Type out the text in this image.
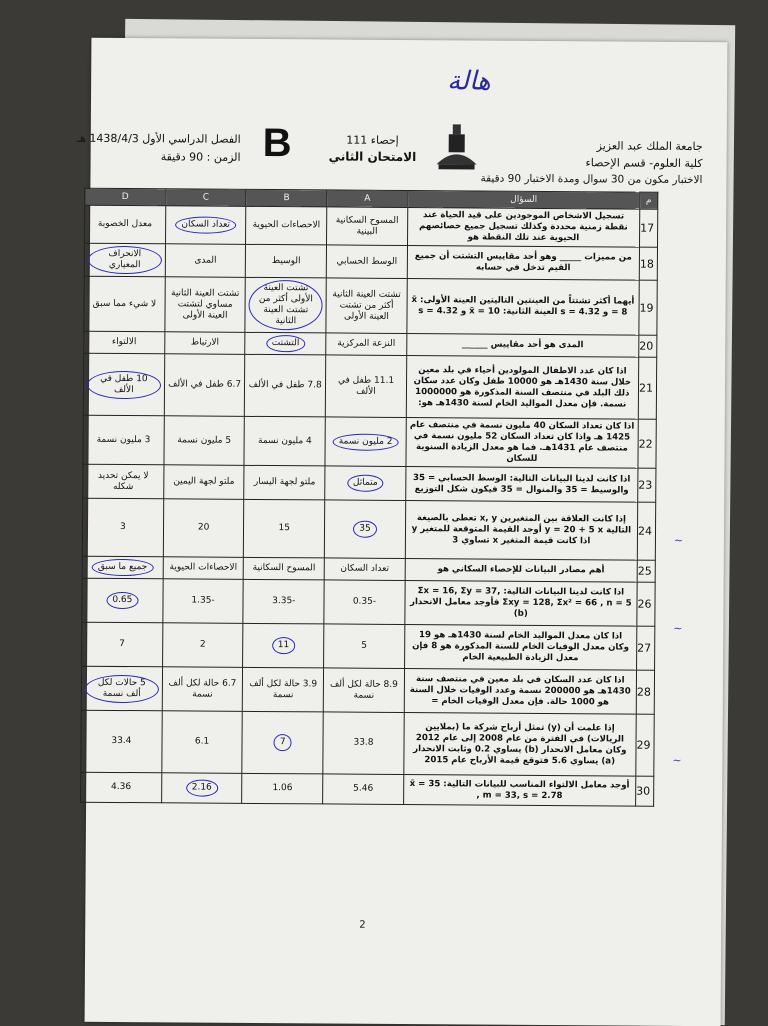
هالة
جامعة الملك عبد العزيز
كلية العلوم- قسم الإحصاء
إحصاء 111
الامتحان الثاني
B
الفصل الدراسي الأول 1438/4/3 هـ
الزمن : 90 دقيقة
الاختبار مكون من 30 سوال ومدة الاختبار 90 دقيقة
م	السؤال	A	B	C	D
17	تسجيل الاشخاص الموجودين على قيد الحياة عند نقطة زمنية محددة وكذلك تسجيل جميع خصائصهم الحيوية عند تلك النقطة هو	المسوح السكانية البينية	الاحصاءات الحيوية	تعداد السكان	معدل الخصوبة
18	من مميزات _____ وهو أحد مقاييس التشتت أن جميع القيم تدخل في حسابه	الوسط الحسابي	الوسيط	المدى	الانحراف المعياري
19	أيهما أكثر تشتتاً من العينتين التاليتين العينة الأولى: x̄ = 8 و s = 4.32 العينة الثانية: x̄ = 10 و s = 4.32	تشتت العينة الثانية أكثر من تشتت العينة الأولى	تشتت العينة الأولى أكثر من تشتت العينة الثانية	تشتت العينة الثانية مساوي لتشتت العينة الأولى	لا شيء مما سبق
20	المدى هو أحد مقاييس ______	النزعة المركزية	التشتت	الارتباط	الالتواء
21	اذا كان عدد الاطفال المولودين أحياء في بلد معين خلال سنة 1430هـ هو 10000 طفل وكان عدد سكان ذلك البلد في منتصف السنة المذكورة هو 1000000 نسمة. فإن معدل المواليد الخام لسنة 1430هـ هو:	11.1 طفل في الألف	7.8 طفل في الألف	6.7 طفل في الألف	10 طفل في الألف
22	اذا كان تعداد السكان 40 مليون نسمة في منتصف عام 1425 هـ واذا كان تعداد السكان 52 مليون نسمة في منتصف عام 1431هـ. فما هو معدل الزيادة السنوية للسكان	2 مليون نسمة	4 مليون نسمة	5 مليون نسمة	3 مليون نسمة
23	اذا كانت لدينا البيانات التالية: الوسط الحسابي = 35 والوسيط = 35 والمنوال = 35 فيكون شكل التوزيع	متماثل	ملتو لجهة اليسار	ملتو لجهة اليمين	لا يمكن تحديد شكله
24	إذا كانت العلاقة بين المتغيرين x, y تعطى بالصيغة التالية y = 20 + 5 x أوجد القيمة المتوقعة للمتغير y اذا كانت قيمة المتغير x تساوي 3	35	15	20	3
25	أهم مصادر البيانات للإحصاء السكاني هو	تعداد السكان	المسوح السكانية	الاحصاءات الحيوية	جميع ما سبق
26	اذا كانت لدينا البيانات التالية: Σx = 16, Σy = 37, Σxy = 128, Σx² = 66 , n = 5 فأوجد معامل الانحدار (b)	-0.35	-3.35	-1.35	0.65
27	اذا كان معدل المواليد الخام لسنة 1430هـ هو 19 وكان معدل الوفيات الخام للسنة المذكورة هو 8 فإن معدل الزيادة الطبيعية الخام	5	11	2	7
28	اذا كان عدد السكان في بلد معين في منتصف سنة 1430هـ هو 200000 نسمة وعدد الوفيات خلال السنة هو 1000 حالة. فإن معدل الوفيات الخام =	8.9 حالة لكل ألف نسمة	3.9 حالة لكل ألف نسمة	6.7 حالة لكل ألف نسمة	5 حالات لكل ألف نسمة
29	إذا علمت أن (y) تمثل أرباح شركة ما (بملايين الريالات) في الفترة من عام 2008 إلى عام 2012 وكان معامل الانحدار (b) يساوي 0.2 وثابت الانحدار (a) يساوي 5.6 فتوقع قيمة الأرباح عام 2015	33.8	7	6.1	33.4
30	أوجد معامل الالتواء المناسب للبيانات التالية: x̄ = 35 , m = 33, s = 2.78	5.46	1.06	2.16	4.36
~
~
~
2
